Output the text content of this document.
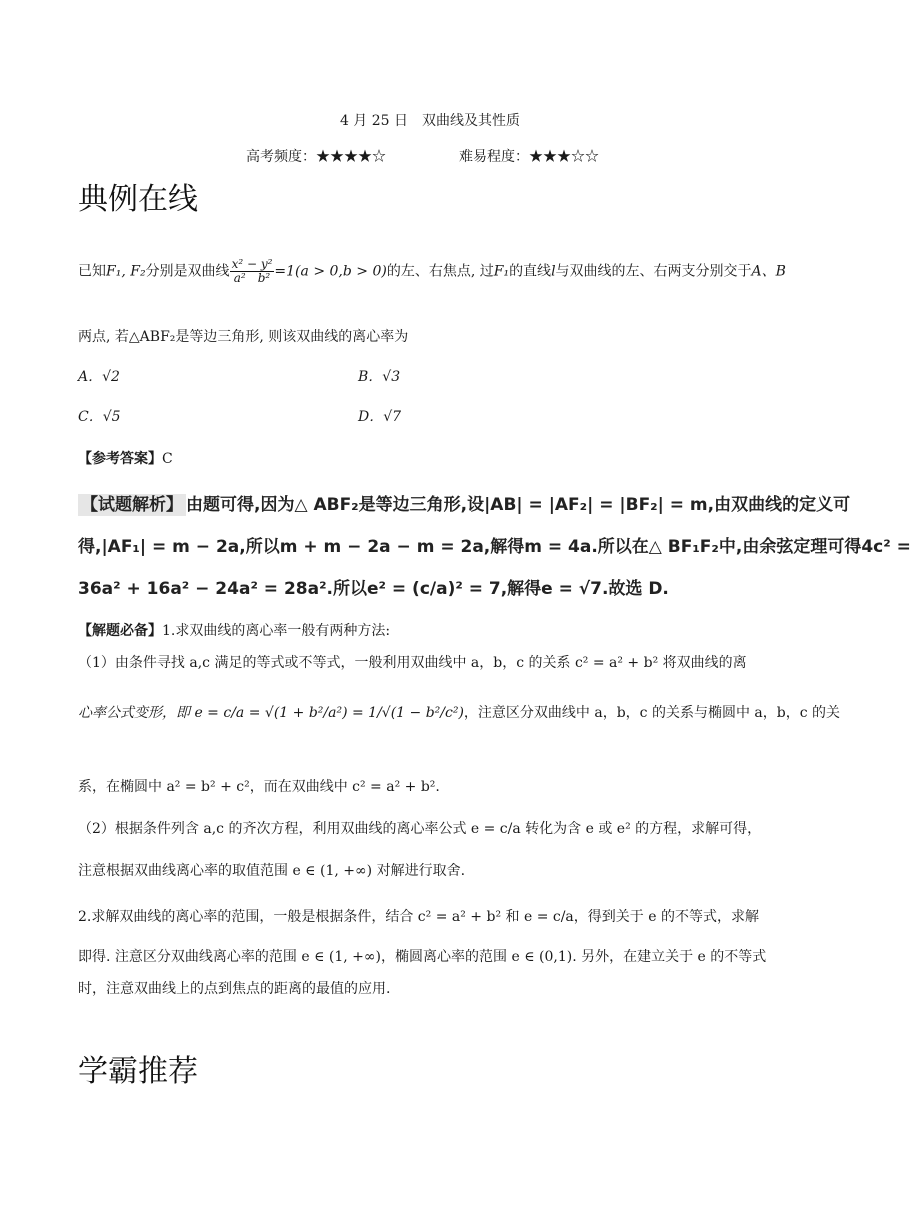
4 月 25 日　双曲线及其性质
高考频度：★★★★☆	难易程度：★★★☆☆
典例在线
已知F₁, F₂分别是双曲线 $\frac{\text{x² − y²}}{\text{a²　b²}} =1(a > 0,b > 0)$的左、右焦点, 过F₁的直线l与双曲线的左、右两支分别交于A、B
两点, 若△ABF₂是等边三角形, 则该双曲线的离心率为
A．√2	B．√3
C．√5	D．√7
【参考答案】C
【试题解析】 由题可得,因为△ ABF₂是等边三角形,设|AB| = |AF₂| = |BF₂| = m,由双曲线的定义可
得,|AF₁| = m − 2a,所以m + m − 2a − m = 2a,解得m = 4a.所以在△ BF₁F₂中,由余弦定理可得4c² =
36a² + 16a² − 24a² = 28a².所以e² = (c/a)² = 7,解得e = √7.故选 D.
【解题必备】1.求双曲线的离心率一般有两种方法:
（1）由条件寻找 a,c 满足的等式或不等式，一般利用双曲线中 a，b，c 的关系 c² = a² + b² 将双曲线的离
心率公式变形，即 e = c/a = √(1 + b²/a²) = 1/√(1 − b²/c²)，注意区分双曲线中 a，b，c 的关系与椭圆中 a，b，c 的关
系，在椭圆中 a² = b² + c²，而在双曲线中 c² = a² + b².
（2）根据条件列含 a,c 的齐次方程，利用双曲线的离心率公式 e = c/a 转化为含 e 或 e² 的方程，求解可得，
注意根据双曲线离心率的取值范围 e ∈ (1, +∞) 对解进行取舍.
2.求解双曲线的离心率的范围，一般是根据条件，结合 c² = a² + b² 和 e = c/a，得到关于 e 的不等式，求解
即得. 注意区分双曲线离心率的范围 e ∈ (1, +∞)，椭圆离心率的范围 e ∈ (0,1). 另外，在建立关于 e 的不等式
时，注意双曲线上的点到焦点的距离的最值的应用.
学霸推荐
